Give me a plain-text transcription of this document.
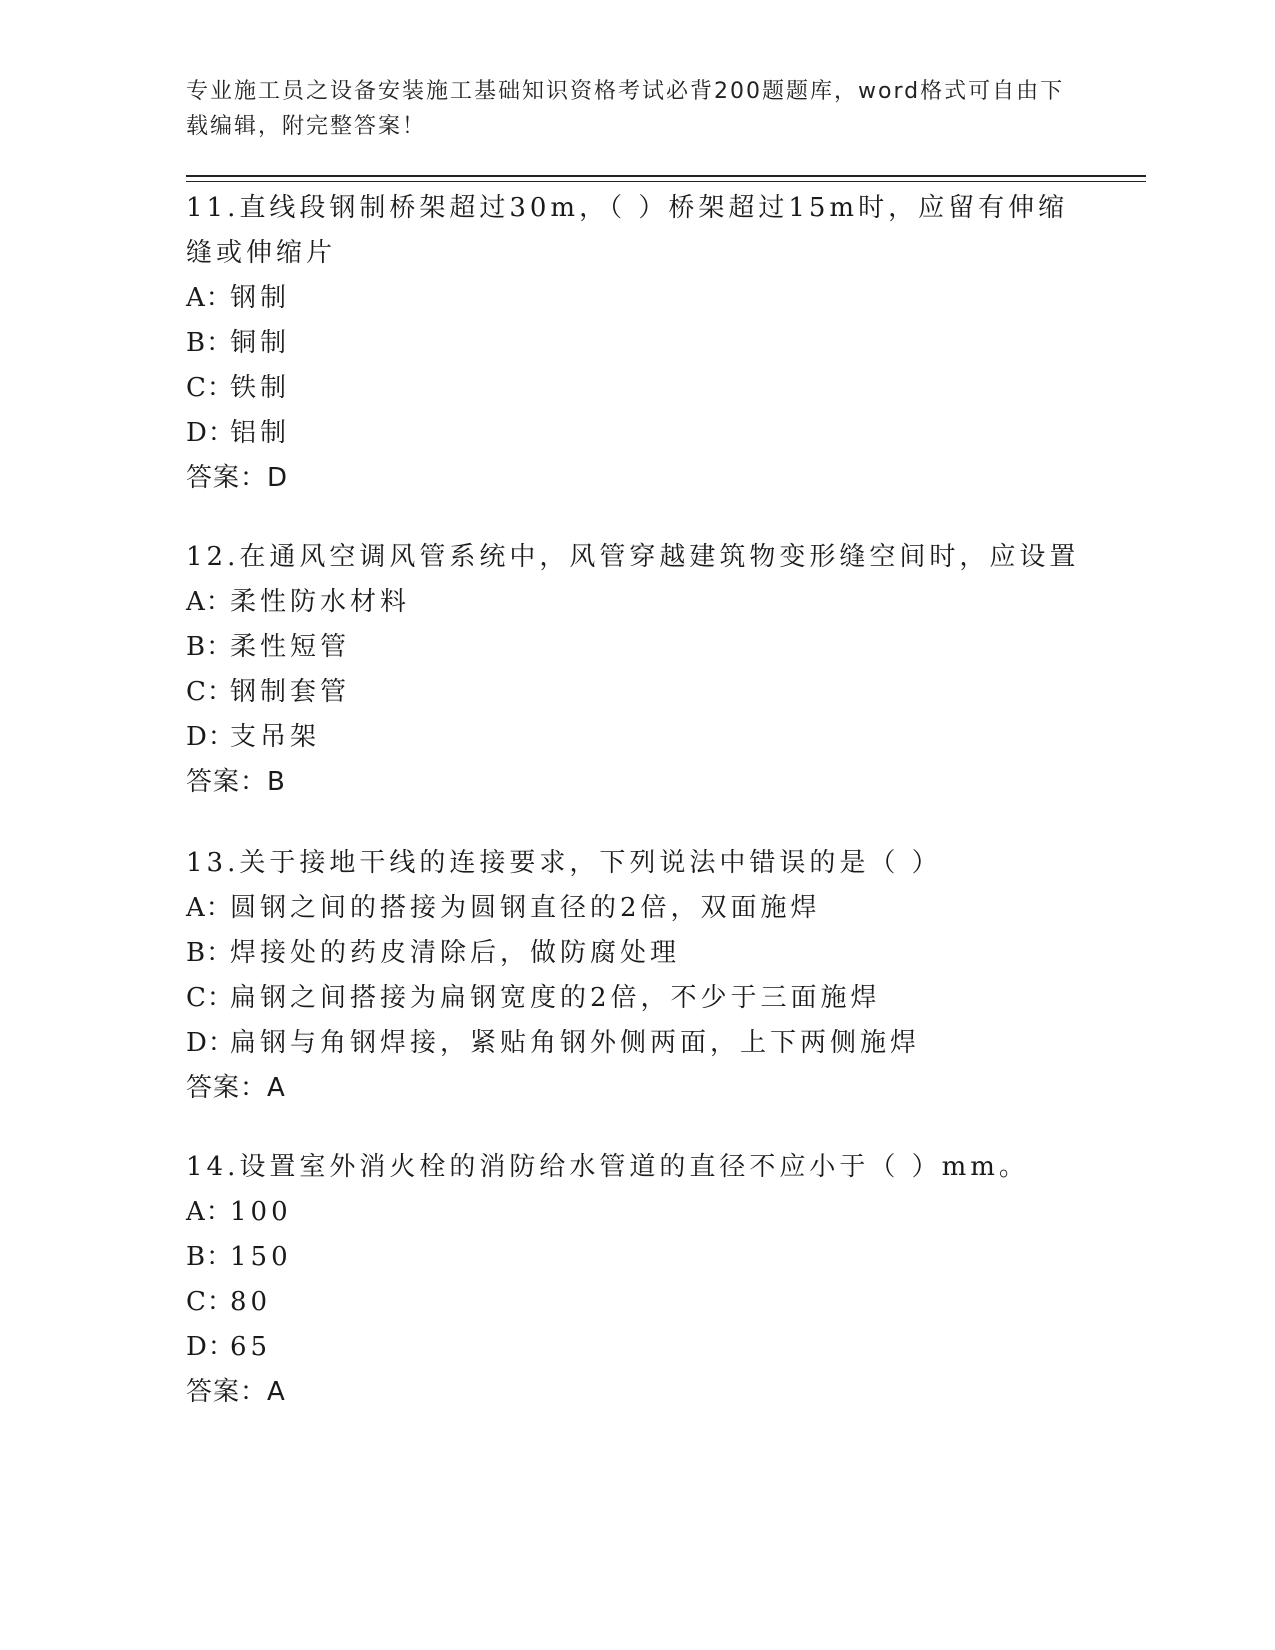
专业施工员之设备安装施工基础知识资格考试必背200题题库，word格式可自由下载编辑，附完整答案！

11.直线段钢制桥架超过30m，（ ）桥架超过15m时，应留有伸缩缝或伸缩片

A：钢制

B：铜制

C：铁制

D：铝制

答案：D

12.在通风空调风管系统中，风管穿越建筑物变形缝空间时，应设置

A：柔性防水材料

B：柔性短管

C：钢制套管

D：支吊架

答案：B

13.关于接地干线的连接要求，下列说法中错误的是（ ）

A：圆钢之间的搭接为圆钢直径的2倍，双面施焊

B：焊接处的药皮清除后，做防腐处理

C：扁钢之间搭接为扁钢宽度的2倍，不少于三面施焊

D：扁钢与角钢焊接，紧贴角钢外侧两面，上下两侧施焊

答案：A

14.设置室外消火栓的消防给水管道的直径不应小于（ ）mm。

A：100

B：150

C：80

D：65

答案：A
